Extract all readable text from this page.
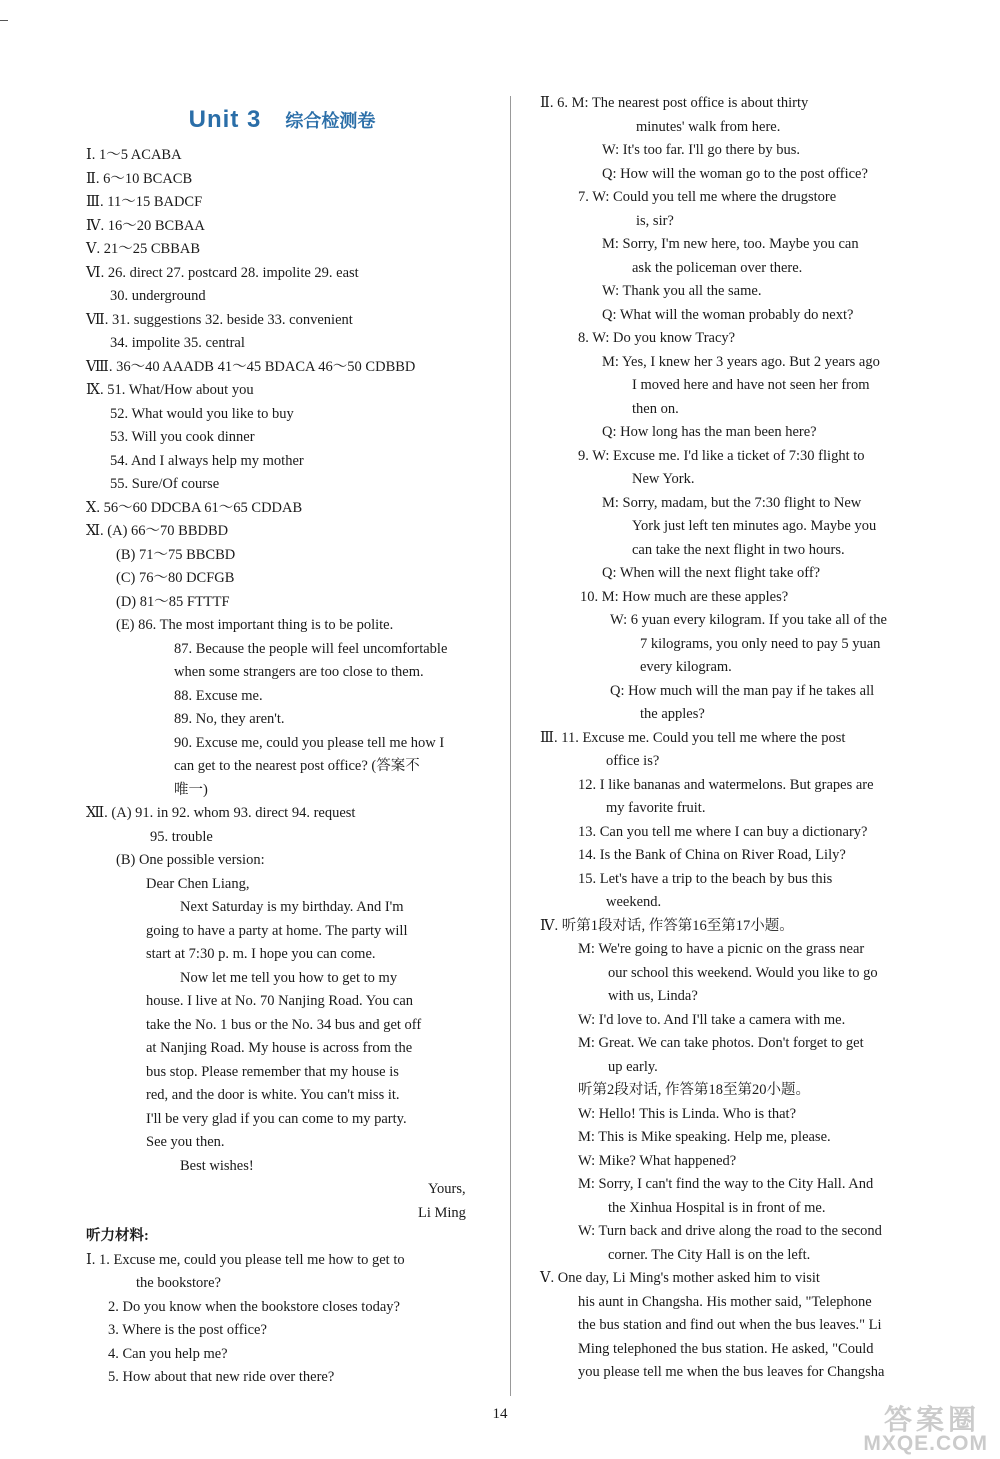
Unit 3 综合检测卷
Ⅰ. 1～5 ACABA
Ⅱ. 6～10 BCACB
Ⅲ. 11～15 BADCF
Ⅳ. 16～20 BCBAA
Ⅴ. 21～25 CBBAB
Ⅵ. 26. direct 27. postcard 28. impolite 29. east
30. underground
Ⅶ. 31. suggestions 32. beside 33. convenient
34. impolite 35. central
Ⅷ. 36～40 AAADB 41～45 BDACA 46～50 CDBBD
Ⅸ. 51. What/How about you
52. What would you like to buy
53. Will you cook dinner
54. And I always help my mother
55. Sure/Of course
Ⅹ. 56～60 DDCBA 61～65 CDDAB
Ⅺ. (A) 66～70 BBDBD
(B) 71～75 BBCBD
(C) 76～80 DCFGB
(D) 81～85 FTTTF
(E) 86. The most important thing is to be polite.
87. Because the people will feel uncomfortable
when some strangers are too close to them.
88. Excuse me.
89. No, they aren't.
90. Excuse me, could you please tell me how I
can get to the nearest post office? (答案不
唯一)
Ⅻ. (A) 91. in 92. whom 93. direct 94. request
95. trouble
(B) One possible version:
Dear Chen Liang,
Next Saturday is my birthday. And I'm
going to have a party at home. The party will
start at 7:30 p. m. I hope you can come.
Now let me tell you how to get to my
house. I live at No. 70 Nanjing Road. You can
take the No. 1 bus or the No. 34 bus and get off
at Nanjing Road. My house is across from the
bus stop. Please remember that my house is
red, and the door is white. You can't miss it.
I'll be very glad if you can come to my party.
See you then.
Best wishes!
Yours,
Li Ming
听力材料:
Ⅰ. 1. Excuse me, could you please tell me how to get to
the bookstore?
2. Do you know when the bookstore closes today?
3. Where is the post office?
4. Can you help me?
5. How about that new ride over there?
Ⅱ. 6. M: The nearest post office is about thirty
minutes' walk from here.
W: It's too far. I'll go there by bus.
Q: How will the woman go to the post office?
7. W: Could you tell me where the drugstore
is, sir?
M: Sorry, I'm new here, too. Maybe you can
ask the policeman over there.
W: Thank you all the same.
Q: What will the woman probably do next?
8. W: Do you know Tracy?
M: Yes, I knew her 3 years ago. But 2 years ago
I moved here and have not seen her from
then on.
Q: How long has the man been here?
9. W: Excuse me. I'd like a ticket of 7:30 flight to
New York.
M: Sorry, madam, but the 7:30 flight to New
York just left ten minutes ago. Maybe you
can take the next flight in two hours.
Q: When will the next flight take off?
10. M: How much are these apples?
W: 6 yuan every kilogram. If you take all of the
7 kilograms, you only need to pay 5 yuan
every kilogram.
Q: How much will the man pay if he takes all
the apples?
Ⅲ. 11. Excuse me. Could you tell me where the post
office is?
12. I like bananas and watermelons. But grapes are
my favorite fruit.
13. Can you tell me where I can buy a dictionary?
14. Is the Bank of China on River Road, Lily?
15. Let's have a trip to the beach by bus this
weekend.
Ⅳ. 听第1段对话, 作答第16至第17小题。
M: We're going to have a picnic on the grass near
our school this weekend. Would you like to go
with us, Linda?
W: I'd love to. And I'll take a camera with me.
M: Great. We can take photos. Don't forget to get
up early.
听第2段对话, 作答第18至第20小题。
W: Hello! This is Linda. Who is that?
M: This is Mike speaking. Help me, please.
W: Mike? What happened?
M: Sorry, I can't find the way to the City Hall. And
the Xinhua Hospital is in front of me.
W: Turn back and drive along the road to the second
corner. The City Hall is on the left.
Ⅴ. One day, Li Ming's mother asked him to visit
his aunt in Changsha. His mother said, "Telephone
the bus station and find out when the bus leaves." Li
Ming telephoned the bus station. He asked, "Could
you please tell me when the bus leaves for Changsha
14	答案圈
MXQE.COM
